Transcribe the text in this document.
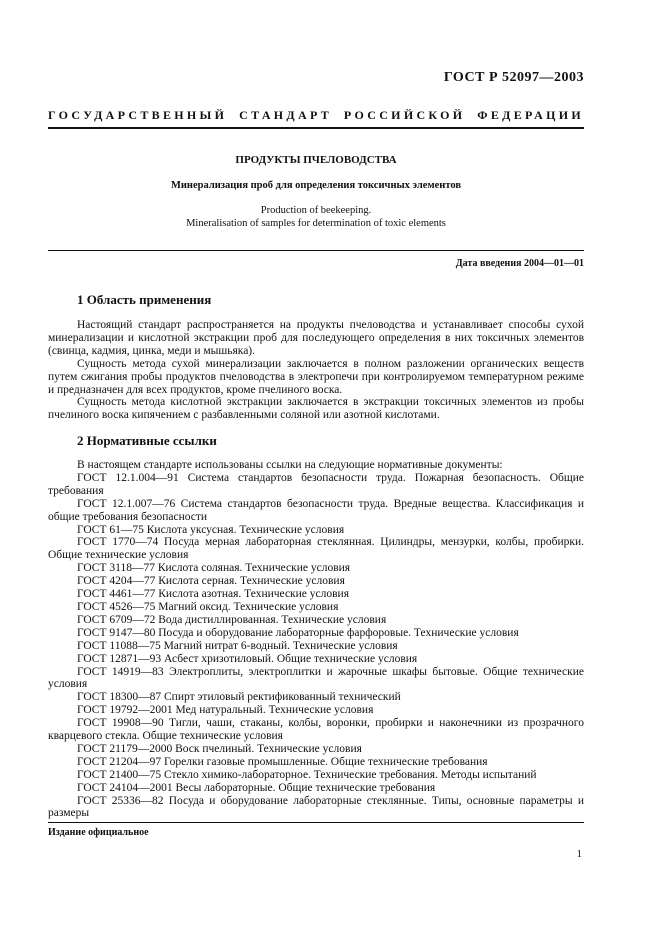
ГОСТ Р 52097—2003
ГОСУДАРСТВЕННЫЙ СТАНДАРТ РОССИЙСКОЙ ФЕДЕРАЦИИ
ПРОДУКТЫ ПЧЕЛОВОДСТВА
Минерализация проб для определения токсичных элементов
Production of beekeeping.
Mineralisation of samples for determination of toxic elements
Дата введения 2004—01—01
1 Область применения

Настоящий стандарт распространяется на продукты пчеловодства и устанавливает способы сухой минерализации и кислотной экстракции проб для последующего определения в них токсичных элементов (свинца, кадмия, цинка, меди и мышьяка).

Сущность метода сухой минерализации заключается в полном разложении органических веществ путем сжигания пробы продуктов пчеловодства в электропечи при контролируемом температурном режиме и предназначен для всех продуктов, кроме пчелиного воска.

Сущность метода кислотной экстракции заключается в экстракции токсичных элементов из пробы пчелиного воска кипячением с разбавленными соляной или азотной кислотами.

2 Нормативные ссылки

В настоящем стандарте использованы ссылки на следующие нормативные документы:

ГОСТ 12.1.004—91 Система стандартов безопасности труда. Пожарная безопасность. Общие требования

ГОСТ 12.1.007—76 Система стандартов безопасности труда. Вредные вещества. Классификация и общие требования безопасности

ГОСТ 61—75 Кислота уксусная. Технические условия

ГОСТ 1770—74 Посуда мерная лабораторная стеклянная. Цилиндры, мензурки, колбы, пробирки. Общие технические условия

ГОСТ 3118—77 Кислота соляная. Технические условия

ГОСТ 4204—77 Кислота серная. Технические условия

ГОСТ 4461—77 Кислота азотная. Технические условия

ГОСТ 4526—75 Магний оксид. Технические условия

ГОСТ 6709—72 Вода дистиллированная. Технические условия

ГОСТ 9147—80 Посуда и оборудование лабораторные фарфоровые. Технические условия

ГОСТ 11088—75 Магний нитрат 6-водный. Технические условия

ГОСТ 12871—93 Асбест хризотиловый. Общие технические условия

ГОСТ 14919—83 Электроплиты, электроплитки и жарочные шкафы бытовые. Общие технические условия

ГОСТ 18300—87 Спирт этиловый ректификованный технический

ГОСТ 19792—2001 Мед натуральный. Технические условия

ГОСТ 19908—90 Тигли, чаши, стаканы, колбы, воронки, пробирки и наконечники из прозрачного кварцевого стекла. Общие технические условия

ГОСТ 21179—2000 Воск пчелиный. Технические условия

ГОСТ 21204—97 Горелки газовые промышленные. Общие технические требования

ГОСТ 21400—75 Стекло химико-лабораторное. Технические требования. Методы испытаний

ГОСТ 24104—2001 Весы лабораторные. Общие технические требования

ГОСТ 25336—82 Посуда и оборудование лабораторные стеклянные. Типы, основные параметры и размеры

Издание официальное
1
